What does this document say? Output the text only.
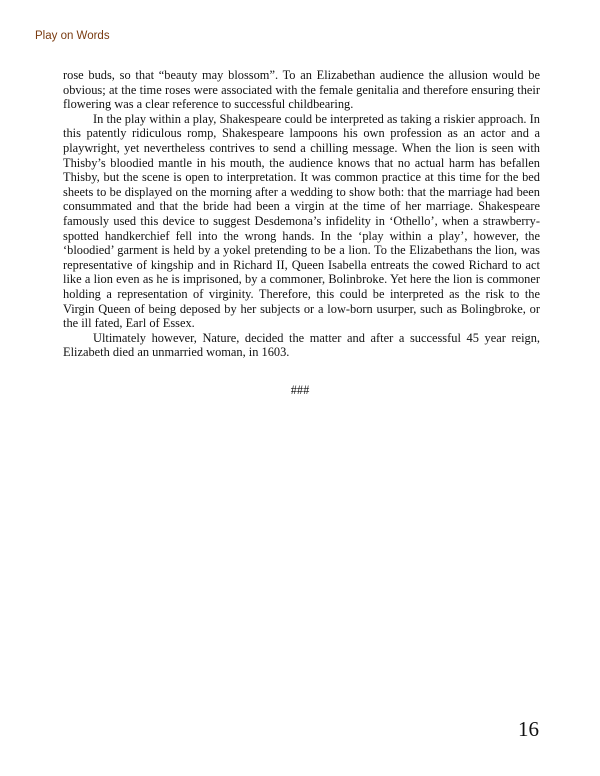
Play on Words

rose buds, so that “beauty may blossom”. To an Elizabethan audience the allusion would be obvious; at the time roses were associated with the female genitalia and therefore ensuring their flowering was a clear reference to successful childbearing.

In the play within a play, Shakespeare could be interpreted as taking a riskier approach. In this patently ridiculous romp, Shakespeare lampoons his own profession as an actor and a playwright, yet nevertheless contrives to send a chilling message. When the lion is seen with Thisby’s bloodied mantle in his mouth, the audience knows that no actual harm has befallen Thisby, but the scene is open to interpretation. It was common practice at this time for the bed sheets to be displayed on the morning after a wedding to show both: that the marriage had been consummated and that the bride had been a virgin at the time of her marriage. Shakespeare famously used this device to suggest Desdemona’s infidelity in ‘Othello’, when a strawberry-spotted handkerchief fell into the wrong hands. In the ‘play within a play’, however, the ‘bloodied’ garment is held by a yokel pretending to be a lion. To the Elizabethans the lion, was representative of kingship and in Richard II, Queen Isabella entreats the cowed Richard to act like a lion even as he is imprisoned, by a commoner, Bolinbroke. Yet here the lion is commoner holding a representation of virginity. Therefore, this could be interpreted as the risk to the Virgin Queen of being deposed by her subjects or a low-born usurper, such as Bolingbroke, or the ill fated, Earl of Essex.

Ultimately however, Nature, decided the matter and after a successful 45 year reign, Elizabeth died an unmarried woman, in 1603.

###
16
